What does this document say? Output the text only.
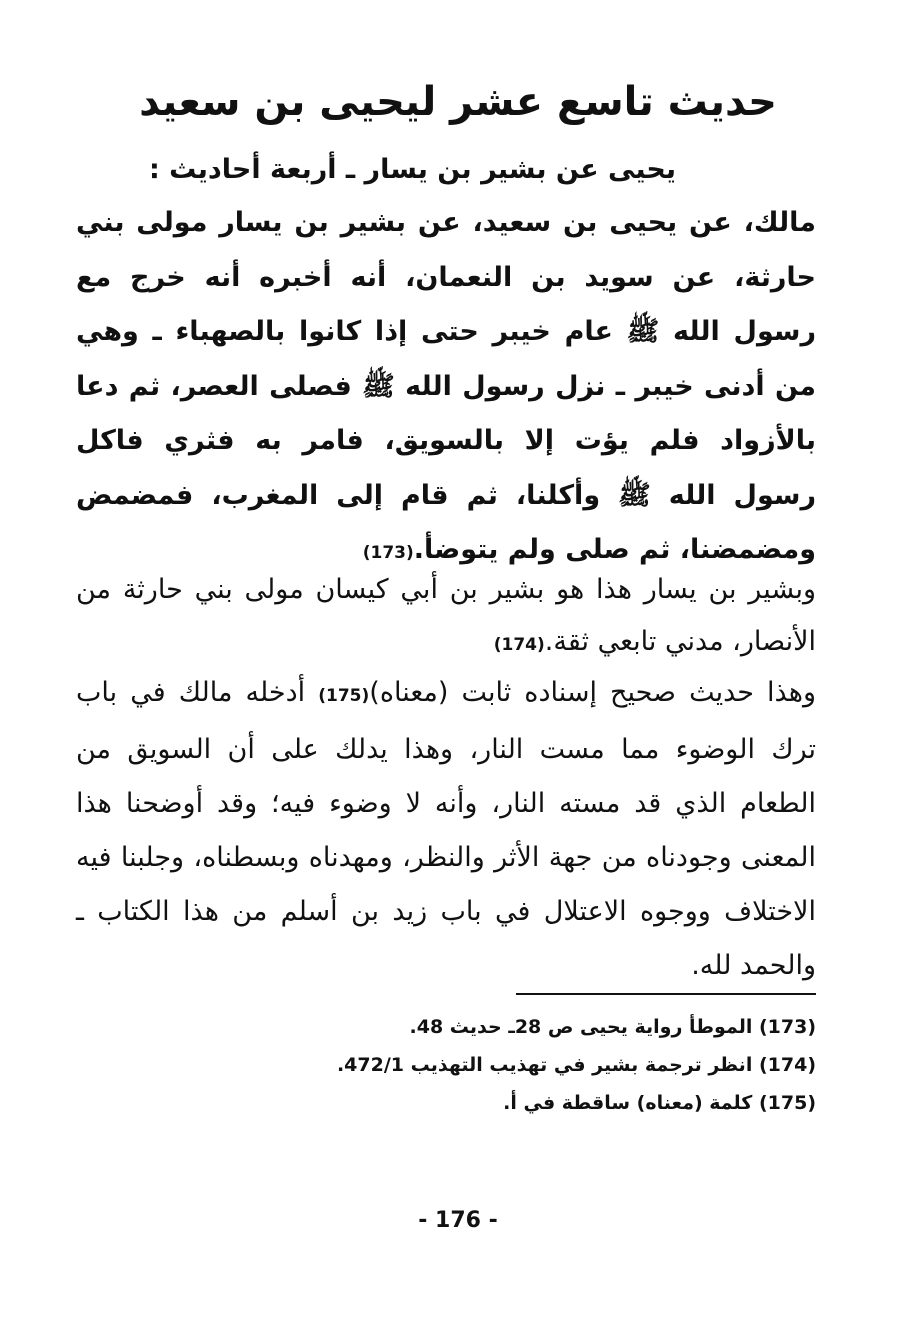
حديث تاسع عشر ليحيى بن سعيد
يحيى عن بشير بن يسار ـ أربعة أحاديث :

مالك، عن يحيى بن سعيد، عن بشير بن يسار مولى بني حارثة، عن سويد بن النعمان، أنه أخبره أنه خرج مع رسول الله ﷺ عام خيبر حتى إذا كانوا بالصهباء ـ وهي من أدنى خيبر ـ نزل رسول الله ﷺ فصلى العصر، ثم دعا بالأزواد فلم يؤت إلا بالسويق، فامر به فثري فاكل رسول الله ﷺ وأكلنا، ثم قام إلى المغرب، فمضمض ومضمضنا، ثم صلى ولم يتوضأ.(173)

وبشير بن يسار هذا هو بشير بن أبي كيسان مولى بني حارثة من الأنصار، مدني تابعي ثقة.(174)

وهذا حديث صحيح إسناده ثابت (معناه)(175) أدخله مالك في باب ترك الوضوء مما مست النار، وهذا يدلك على أن السويق من الطعام الذي قد مسته النار، وأنه لا وضوء فيه؛ وقد أوضحنا هذا المعنى وجودناه من جهة الأثر والنظر، ومهدناه وبسطناه، وجلبنا فيه الاختلاف ووجوه الاعتلال في باب زيد بن أسلم من هذا الكتاب ـ والحمد لله.

(173) الموطأ رواية يحيى ص 28ـ حديث 48.
(174) انظر ترجمة بشير في تهذيب التهذيب 472/1.
(175) كلمة (معناه) ساقطة في أ.
- 176 -
